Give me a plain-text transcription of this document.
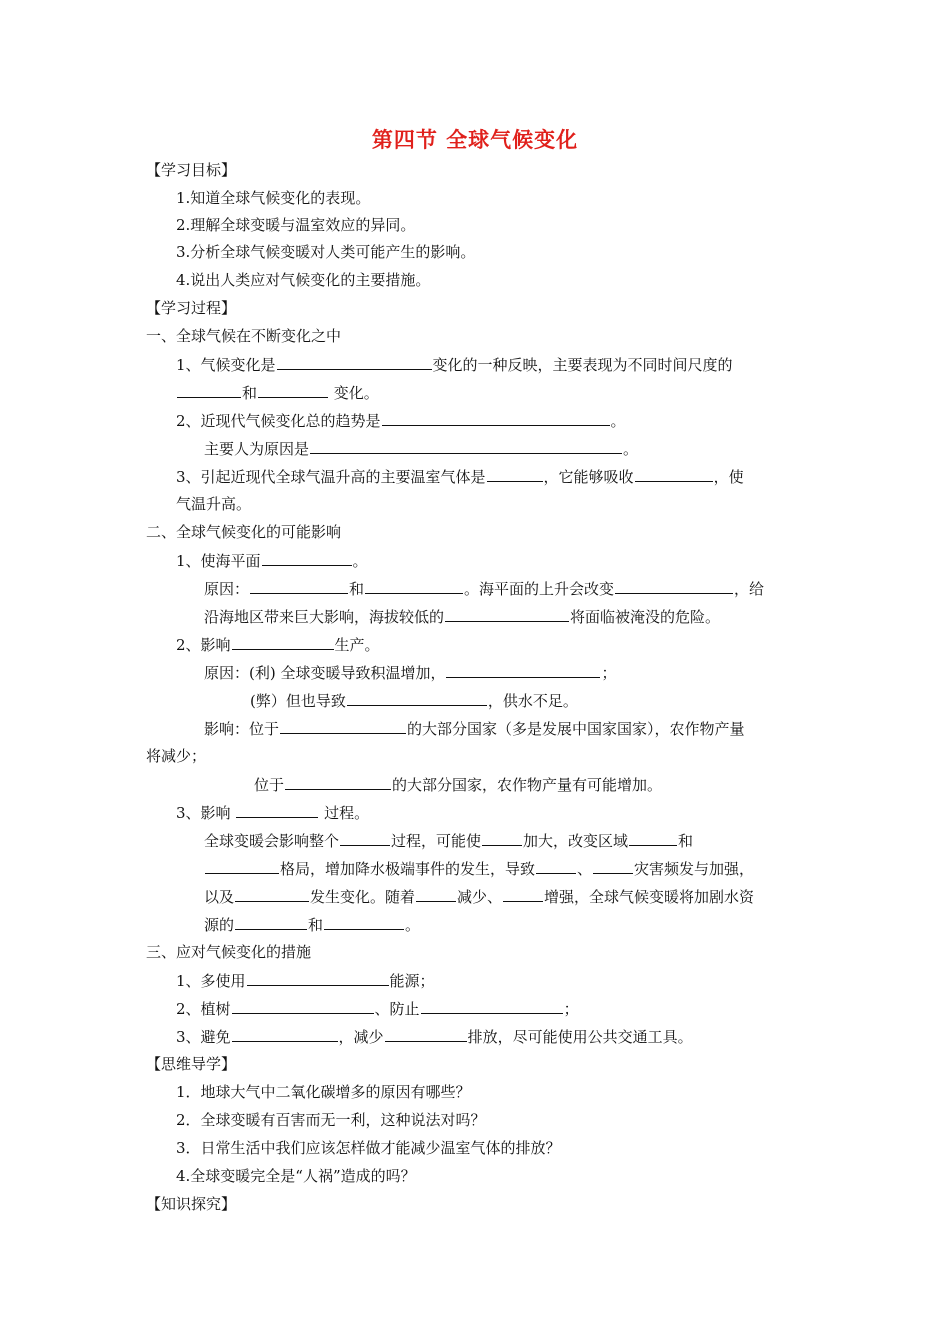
第四节 全球气候变化
【学习目标】
1.知道全球气候变化的表现。
2.理解全球变暖与温室效应的异同。
3.分析全球气候变暖对人类可能产生的影响。
4.说出人类应对气候变化的主要措施。
【学习过程】
一、全球气候在不断变化之中
1、气候变化是	变化的一种反映，主要表现为不同时间尺度的
和	变化。
2、近现代气候变化总的趋势是	。
主要人为原因是	。
3、引起近现代全球气温升高的主要温室气体是	，它能够吸收	，使
气温升高。
二、全球气候变化的可能影响
1、使海平面	。
原因：	和	。海平面的上升会改变	，给
沿海地区带来巨大影响，海拔较低的	将面临被淹没的危险。
2、影响	生产。
原因：(利) 全球变暖导致积温增加，	；
(弊）但也导致	，供水不足。
影响：位于	的大部分国家（多是发展中国家国家），农作物产量
将减少；
位于	的大部分国家，农作物产量有可能增加。
3、影响	过程。
全球变暖会影响整个	过程，可能使	加大，改变区域	和
格局，增加降水极端事件的发生，导致	、	灾害频发与加强，
以及	发生变化。随着	减少、	增强，全球气候变暖将加剧水资
源的	和	。
三、应对气候变化的措施
1、多使用	能源；
2、植树	、防止	；
3、避免	，减少	排放，尽可能使用公共交通工具。
【思维导学】
1．地球大气中二氧化碳增多的原因有哪些？
2．全球变暖有百害而无一利，这种说法对吗？
3．日常生活中我们应该怎样做才能减少温室气体的排放？
4.全球变暖完全是“人祸”造成的吗？
【知识探究】
